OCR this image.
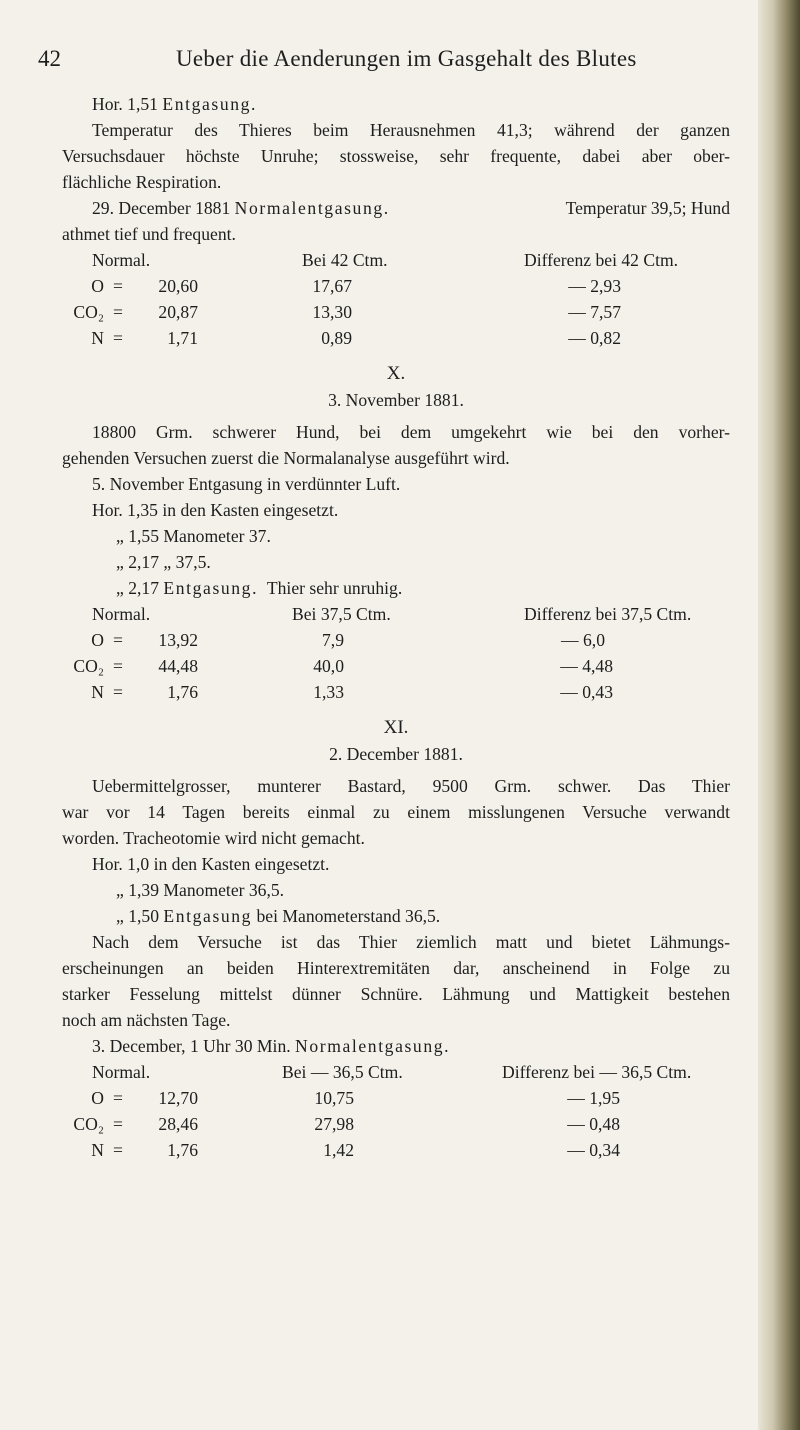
42	Ueber die Aenderungen im Gasgehalt des Blutes
Hor. 1,51 Entgasung.
Temperatur des Thieres beim Herausnehmen 41,3; während der ganzen
Versuchsdauer höchste Unruhe; stossweise, sehr frequente, dabei aber ober-
flächliche Respiration.
29. December 1881 Normalentgasung.	Temperatur 39,5; Hund
athmet tief und frequent.
Normal.	Bei 42 Ctm.	Differenz bei 42 Ctm.
O =	20,60	17,67	— 2,93
CO₂ =	20,87	13,30	— 7,57
N =	1,71	0,89	— 0,82
X.
3. November 1881.
18800 Grm. schwerer Hund, bei dem umgekehrt wie bei den vorher-
gehenden Versuchen zuerst die Normalanalyse ausgeführt wird.
5. November Entgasung in verdünnter Luft.
Hor. 1,35 in den Kasten eingesetzt.
„ 1,55 Manometer 37.
„ 2,17 „ 37,5.
„ 2,17 Entgasung. Thier sehr unruhig.
Normal.	Bei 37,5 Ctm.	Differenz bei 37,5 Ctm.
O =	13,92	7,9	— 6,0
CO₂ =	44,48	40,0	— 4,48
N =	1,76	1,33	— 0,43
XI.
2. December 1881.
Uebermittelgrosser, munterer Bastard, 9500 Grm. schwer. Das Thier
war vor 14 Tagen bereits einmal zu einem misslungenen Versuche verwandt
worden. Tracheotomie wird nicht gemacht.
Hor. 1,0 in den Kasten eingesetzt.
„ 1,39 Manometer 36,5.
„ 1,50 Entgasung bei Manometerstand 36,5.
Nach dem Versuche ist das Thier ziemlich matt und bietet Lähmungs-
erscheinungen an beiden Hinterextremitäten dar, anscheinend in Folge zu
starker Fesselung mittelst dünner Schnüre. Lähmung und Mattigkeit bestehen
noch am nächsten Tage.
3. December, 1 Uhr 30 Min. Normalentgasung.
Normal.	Bei — 36,5 Ctm.	Differenz bei — 36,5 Ctm.
O =	12,70	10,75	— 1,95
CO₂ =	28,46	27,98	— 0,48
N =	1,76	1,42	— 0,34
